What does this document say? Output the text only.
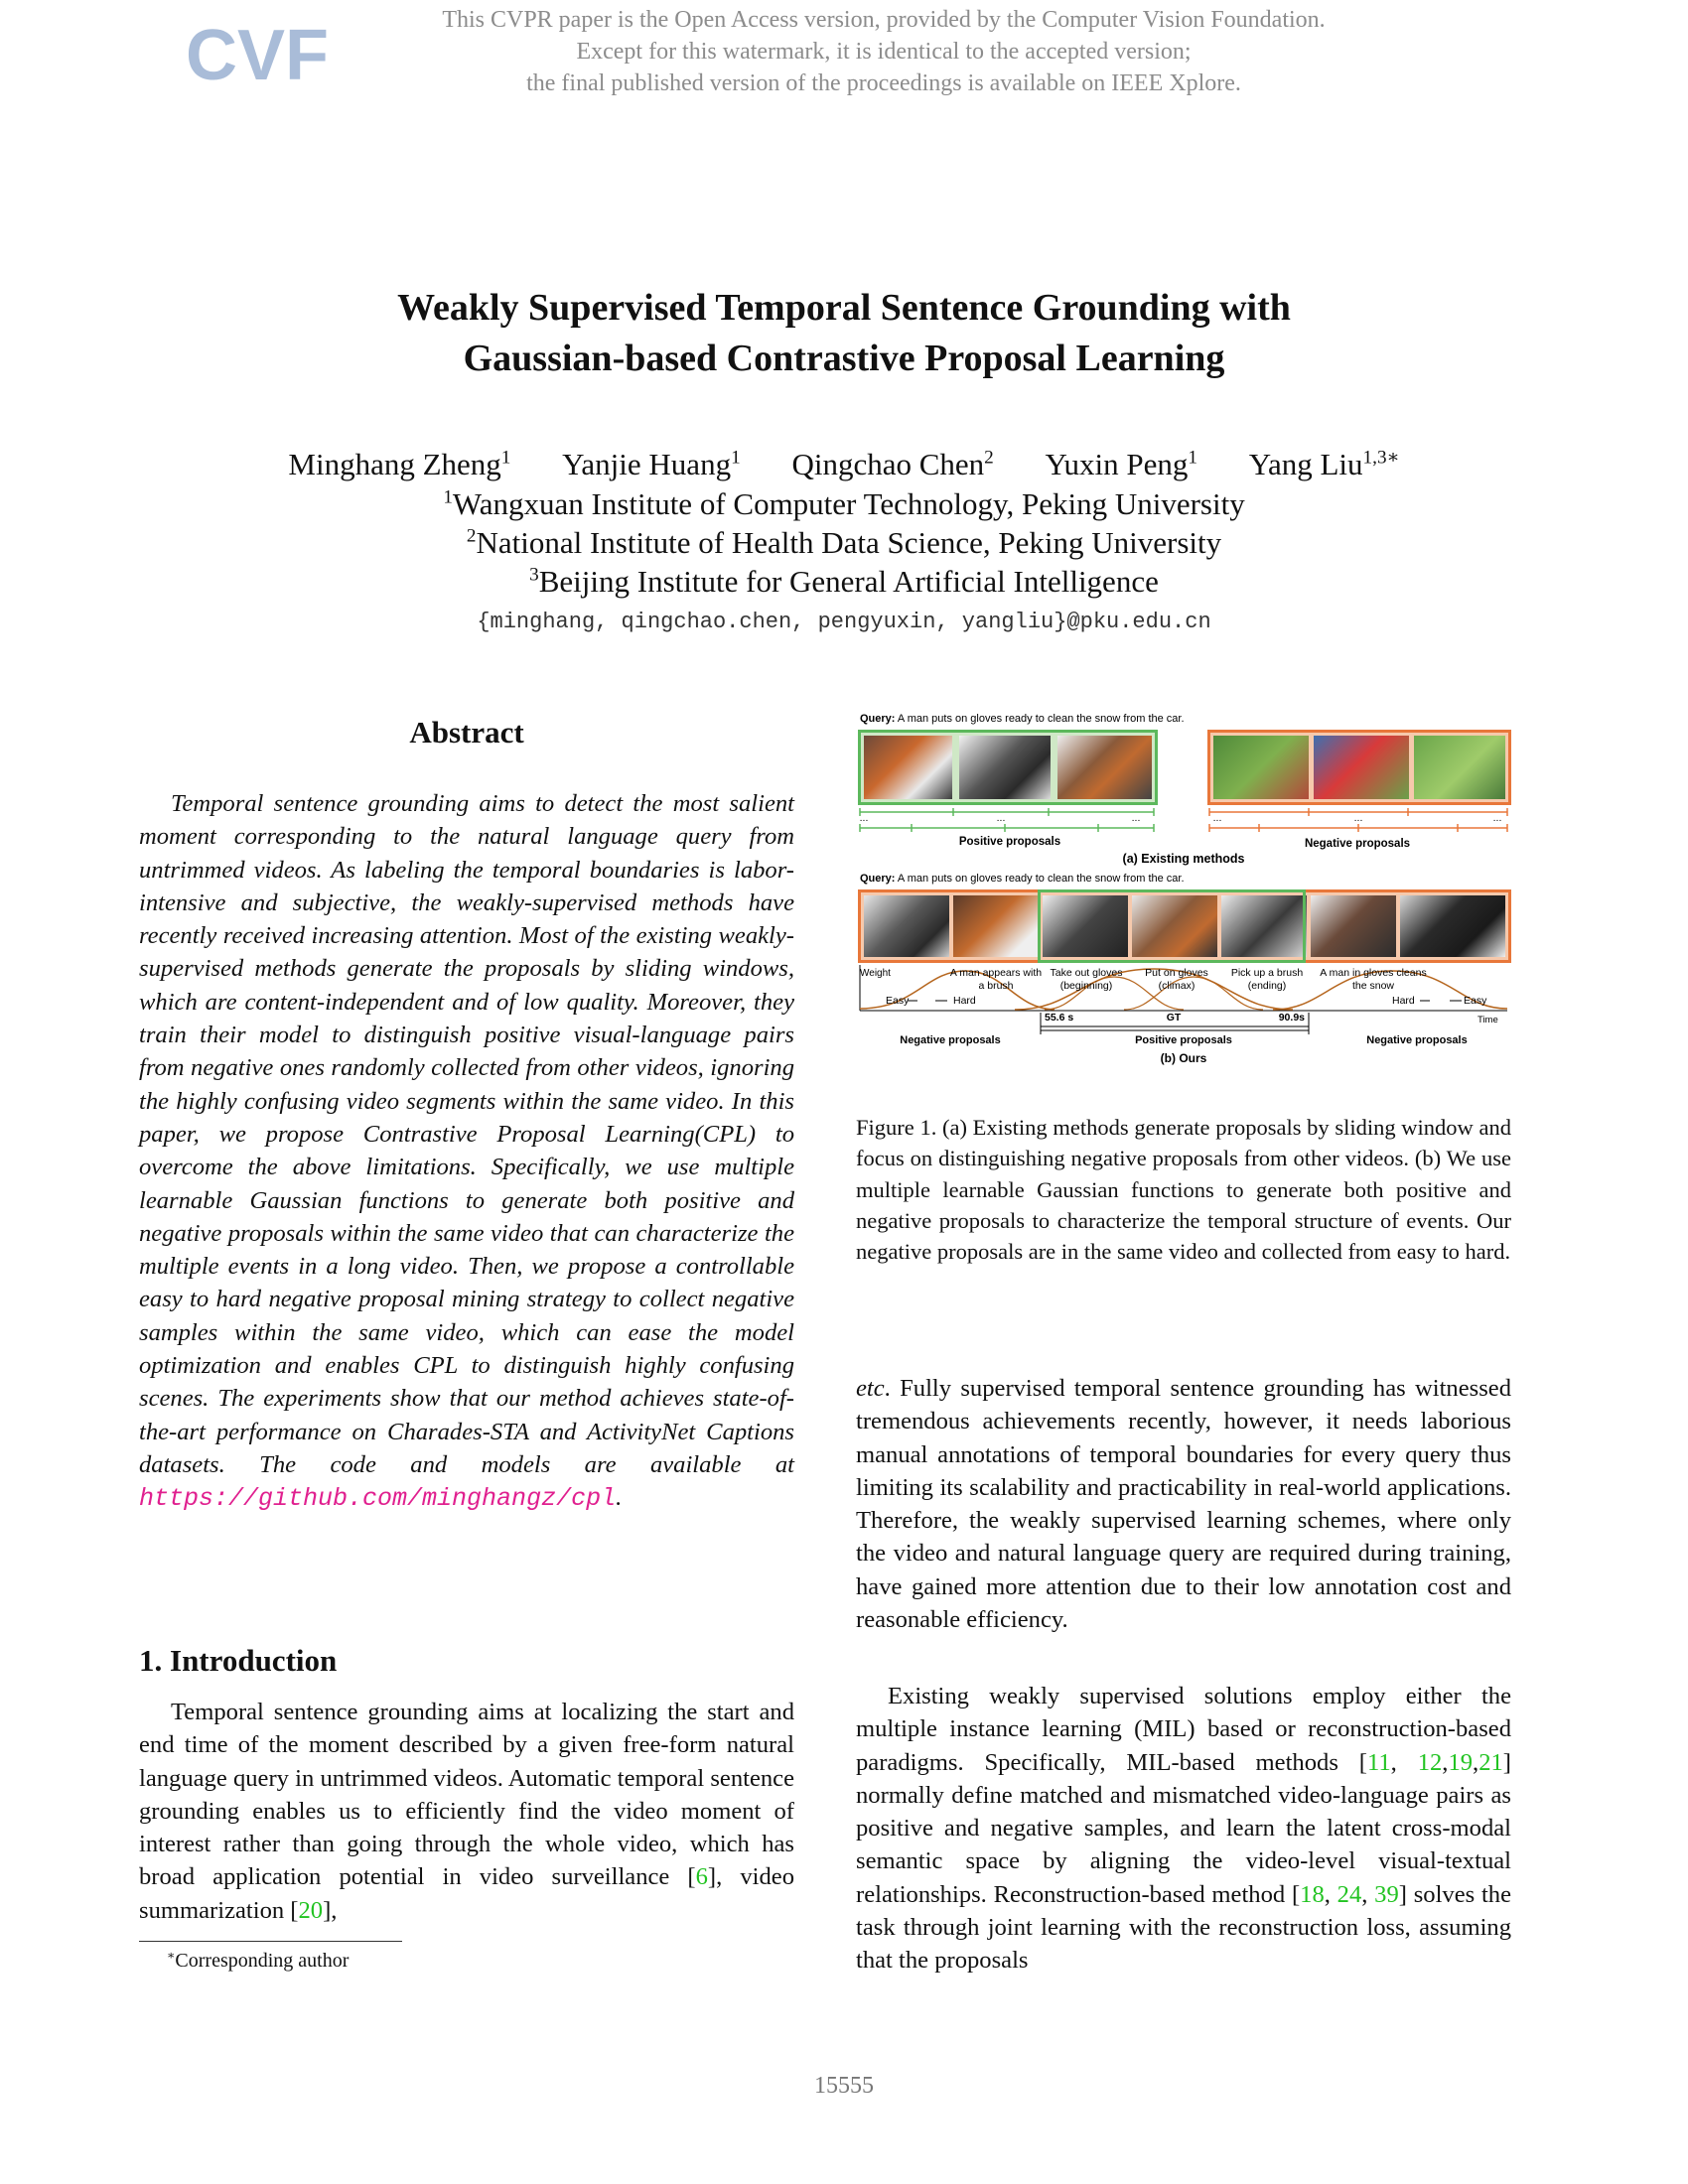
CVF	This CVPR paper is the Open Access version, provided by the Computer Vision Foundation.
Except for this watermark, it is identical to the accepted version;
the final published version of the proceedings is available on IEEE Xplore.
Weakly Supervised Temporal Sentence Grounding with
Gaussian-based Contrastive Proposal Learning
Minghang Zheng$^1$ Yanjie Huang$^1$ Qingchao Chen$^2$ Yuxin Peng$^1$ Yang Liu$^{1,3∗}$
$^1$Wangxuan Institute of Computer Technology, Peking University
$^2$National Institute of Health Data Science, Peking University
$^3$Beijing Institute for General Artificial Intelligence
{minghang, qingchao.chen, pengyuxin, yangliu}@pku.edu.cn
Abstract
Temporal sentence grounding aims to detect the most salient moment corresponding to the natural language query from untrimmed videos. As labeling the temporal boundaries is labor-intensive and subjective, the weakly-supervised methods have recently received increasing attention. Most of the existing weakly-supervised methods generate the proposals by sliding windows, which are content-independent and of low quality. Moreover, they train their model to distinguish positive visual-language pairs from negative ones randomly collected from other videos, ignoring the highly confusing video segments within the same video. In this paper, we propose Contrastive Proposal Learning(CPL) to overcome the above limitations. Specifically, we use multiple learnable Gaussian functions to generate both positive and negative proposals within the same video that can characterize the multiple events in a long video. Then, we propose a controllable easy to hard negative proposal mining strategy to collect negative samples within the same video, which can ease the model optimization and enables CPL to distinguish highly confusing scenes. The experiments show that our method achieves state-of-the-art performance on Charades-STA and ActivityNet Captions datasets. The code and models are available at https://github.com/minghangz/cpl.
1. Introduction
Temporal sentence grounding aims at localizing the start and end time of the moment described by a given free-form natural language query in untrimmed videos. Automatic temporal sentence grounding enables us to efficiently find the video moment of interest rather than going through the whole video, which has broad application potential in video surveillance [6], video summarization [20],
∗Corresponding author
Query: A man puts on gloves ready to clean the snow from the car.
...	...	...	...	...	...
Positive proposals	Negative proposals
(a) Existing methods
Query: A man puts on gloves ready to clean the snow from the car.
Weight
Easy	Hard	Hard	Easy
A man appears with a brush
Take out gloves (beginning)
Put on gloves (climax)
Pick up a brush (ending)
A man in gloves cleans the snow
Time
55.6 s	GT	90.9s
Negative proposals	Positive proposals	Negative proposals
(b) Ours
Figure 1. (a) Existing methods generate proposals by sliding window and focus on distinguishing negative proposals from other videos. (b) We use multiple learnable Gaussian functions to generate both positive and negative proposals to characterize the temporal structure of events. Our negative proposals are in the same video and collected from easy to hard.
etc. Fully supervised temporal sentence grounding has witnessed tremendous achievements recently, however, it needs laborious manual annotations of temporal boundaries for every query thus limiting its scalability and practicability in real-world applications. Therefore, the weakly supervised learning schemes, where only the video and natural language query are required during training, have gained more attention due to their low annotation cost and reasonable efficiency.
Existing weakly supervised solutions employ either the multiple instance learning (MIL) based or reconstruction-based paradigms. Specifically, MIL-based methods [11, 12,19,21] normally define matched and mismatched video-language pairs as positive and negative samples, and learn the latent cross-modal semantic space by aligning the video-level visual-textual relationships. Reconstruction-based method [18, 24, 39] solves the task through joint learning with the reconstruction loss, assuming that the proposals
15555
